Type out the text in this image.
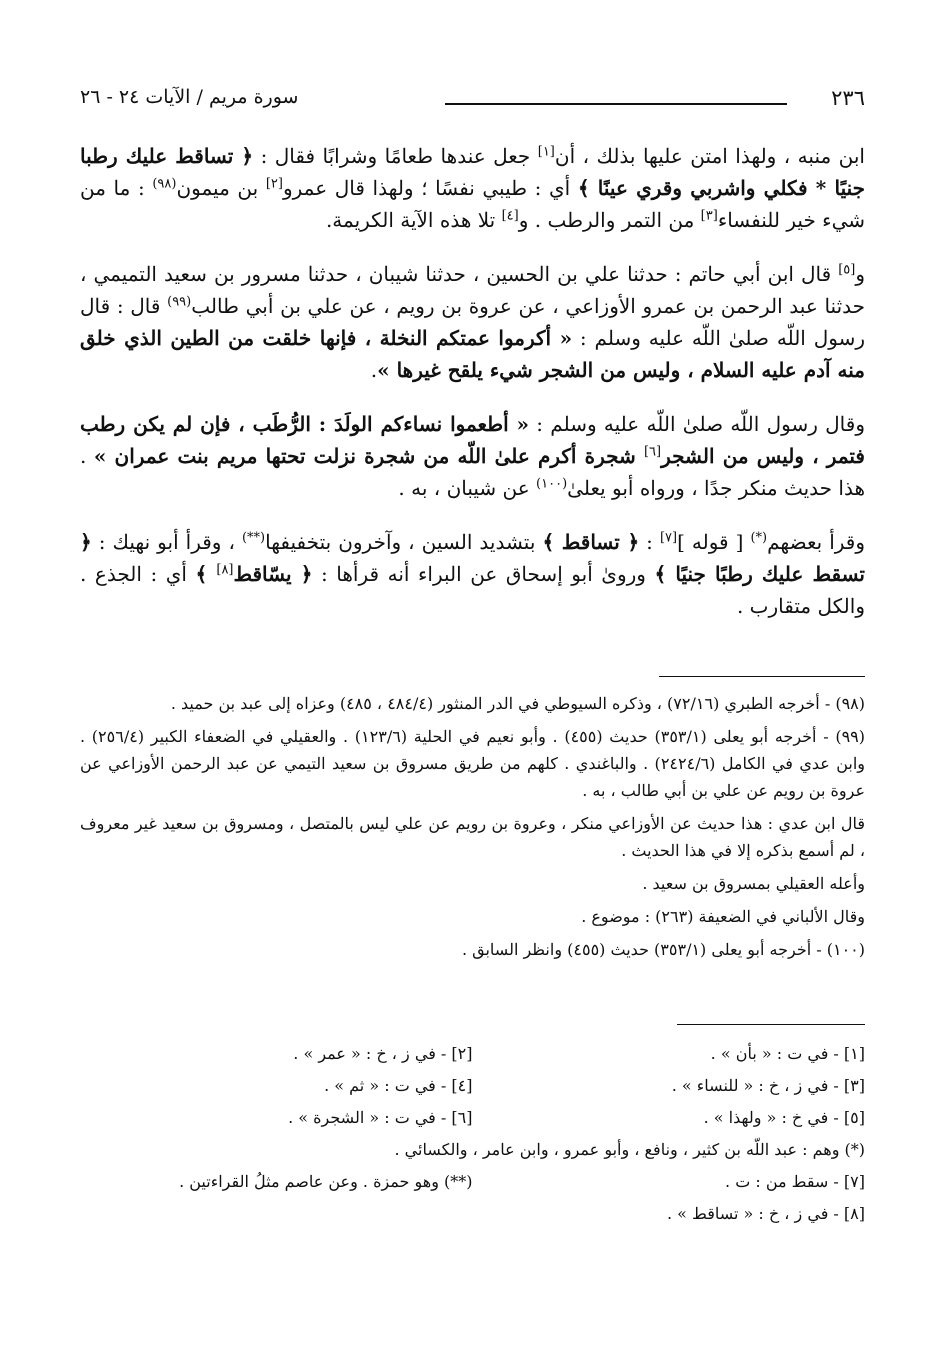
٢٣٦
سورة مريم / الآيات ٢٤ - ٢٦

ابن منبه ، ولهذا امتن عليها بذلك ، أن[١] جعل عندها طعامًا وشرابًا فقال : ﴿ تساقط عليك رطبا جنيًا * فكلي واشربي وقري عينًا ﴾ أي : طيبي نفسًا ؛ ولهذا قال عمرو[٢] بن ميمون$^{(٩٨)}$ : ما من شيء خير للنفساء[٣] من التمر والرطب . و[٤] تلا هذه الآية الكريمة.

و[٥] قال ابن أبي حاتم : حدثنا علي بن الحسين ، حدثنا شيبان ، حدثنا مسرور بن سعيد التميمي ، حدثنا عبد الرحمن بن عمرو الأوزاعي ، عن عروة بن رويم ، عن علي بن أبي طالب$^{(٩٩)}$ قال : قال رسول اللّه صلىٰ اللّه عليه وسلم : « أكرموا عمتكم النخلة ، فإنها خلقت من الطين الذي خلق منه آدم عليه السلام ، وليس من الشجر شيء يلقح غيرها ».

وقال رسول اللّه صلىٰ اللّه عليه وسلم : « أطعموا نساءكم الولَدَ : الرُّطَب ، فإن لم يكن رطب فتمر ، وليس من الشجر[٦] شجرة أكرم علىٰ اللّه من شجرة نزلت تحتها مريم بنت عمران » . هذا حديث منكر جدًا ، ورواه أبو يعلىٰ$^{(١٠٠)}$ عن شيبان ، به .

وقرأ بعضهم(*) [ قوله ][٧] : ﴿ تساقط ﴾ بتشديد السين ، وآخرون بتخفيفها(**) ، وقرأ أبو نهيك : ﴿ تسقط عليك رطبًا جنيًا ﴾ وروىٰ أبو إسحاق عن البراء أنه قرأها : ﴿ يسّاقط[٨] ﴾ أي : الجذع . والكل متقارب .

(٩٨) - أخرجه الطبري (٧٢/١٦) ، وذكره السيوطي في الدر المنثور (٤٨٤/٤ ، ٤٨٥) وعزاه إلى عبد بن حميد .

(٩٩) - أخرجه أبو يعلى (٣٥٣/١) حديث (٤٥٥) . وأبو نعيم في الحلية (١٢٣/٦) . والعقيلي في الضعفاء الكبير (٢٥٦/٤) . وابن عدي في الكامل (٢٤٢٤/٦) . والباغندي . كلهم من طريق مسروق بن سعيد التيمي عن عبد الرحمن الأوزاعي عن عروة بن رويم عن علي بن أبي طالب ، به .

قال ابن عدي : هذا حديث عن الأوزاعي منكر ، وعروة بن رويم عن علي ليس بالمتصل ، ومسروق بن سعيد غير معروف ، لم أسمع بذكره إلا في هذا الحديث .

وأعله العقيلي بمسروق بن سعيد .

وقال الألباني في الضعيفة (٢٦٣) : موضوع .

(١٠٠) - أخرجه أبو يعلى (٣٥٣/١) حديث (٤٥٥) وانظر السابق .

[١] - في ت : « بأن » .
[٢] - في ز ، خ : « عمر » .
[٣] - في ز ، خ : « للنساء » .
[٤] - في ت : « ثم » .
[٥] - في خ : « ولهذا » .
[٦] - في ت : « الشجرة » .
(*) وهم : عبد اللّه بن كثير ، ونافع ، وأبو عمرو ، وابن عامر ، والكسائي .
[٧] - سقط من : ت .
(**) وهو حمزة . وعن عاصم مثلُ القراءتين .
[٨] - في ز ، خ : « تساقط » .
